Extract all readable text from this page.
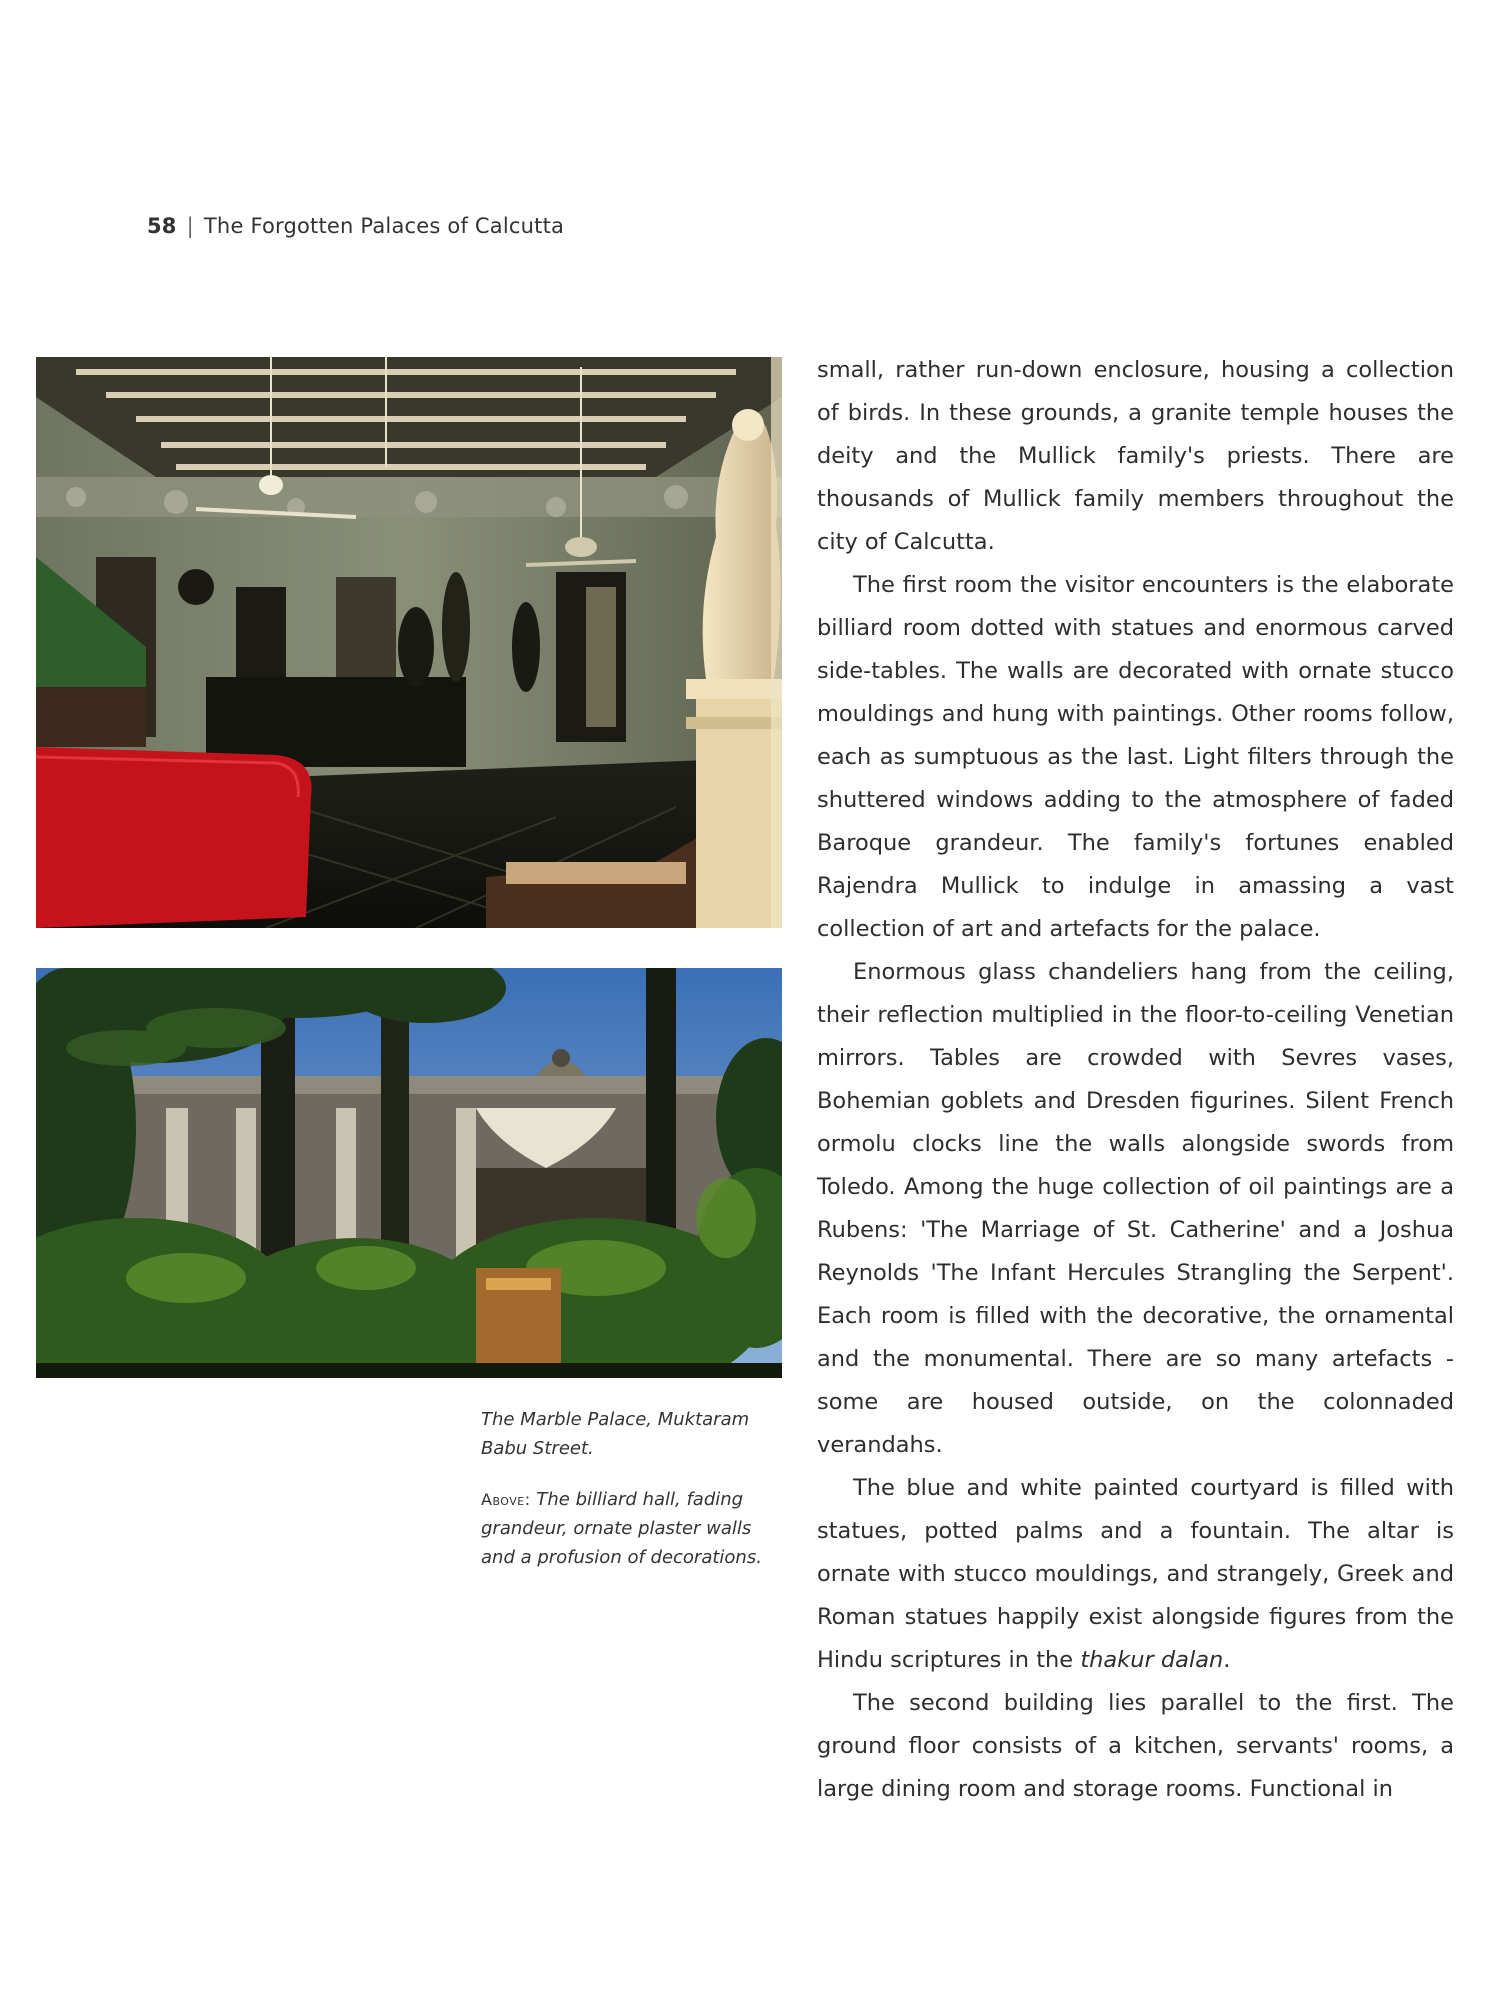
58 | The Forgotten Palaces of Calcutta

The Marble Palace, Muktaram Babu Street.

Above: The billiard hall, fading grandeur, ornate plaster walls and a profusion of decorations.

small, rather run-down enclosure, housing a collection of birds. In these grounds, a granite temple houses the deity and the Mullick family's priests. There are thousands of Mullick family members throughout the city of Calcutta.

The first room the visitor encounters is the elaborate billiard room dotted with statues and enormous carved side-tables. The walls are decorated with ornate stucco mouldings and hung with paintings. Other rooms follow, each as sumptuous as the last. Light filters through the shuttered windows adding to the atmosphere of faded Baroque grandeur. The family's fortunes enabled Rajendra Mullick to indulge in amassing a vast collection of art and artefacts for the palace.

Enormous glass chandeliers hang from the ceiling, their reflection multiplied in the floor-to-ceiling Venetian mirrors. Tables are crowded with Sevres vases, Bohemian goblets and Dresden figurines. Silent French ormolu clocks line the walls alongside swords from Toledo. Among the huge collection of oil paintings are a Rubens: 'The Marriage of St. Catherine' and a Joshua Reynolds 'The Infant Hercules Strangling the Serpent'. Each room is filled with the decorative, the ornamental and the monumental. There are so many artefacts - some are housed outside, on the colonnaded verandahs.

The blue and white painted courtyard is filled with statues, potted palms and a fountain. The altar is ornate with stucco mouldings, and strangely, Greek and Roman statues happily exist alongside figures from the Hindu scriptures in the thakur dalan.

The second building lies parallel to the first. The ground floor consists of a kitchen, servants' rooms, a large dining room and storage rooms. Functional in
